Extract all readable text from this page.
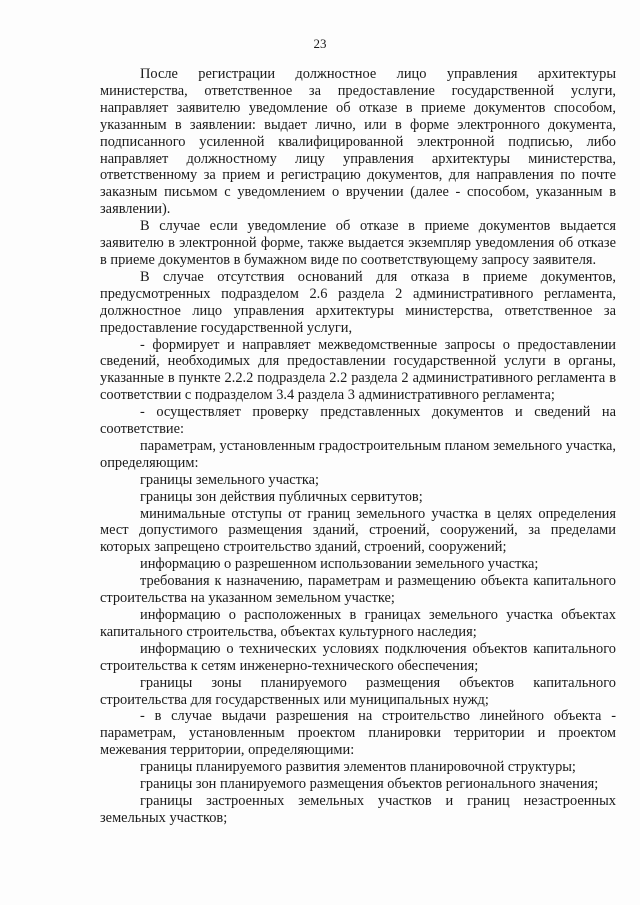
23

После регистрации должностное лицо управления архитектуры министерства, ответственное за предоставление государственной услуги, направляет заявителю уведомление об отказе в приеме документов способом, указанным в заявлении: выдает лично, или в форме электронного документа, подписанного усиленной квалифицированной электронной подписью, либо направляет должностному лицу управления архитектуры министерства, ответственному за прием и регистрацию документов, для направления по почте заказным письмом с уведомлением о вручении (далее - способом, указанным в заявлении).

В случае если уведомление об отказе в приеме документов выдается заявителю в электронной форме, также выдается экземпляр уведомления об отказе в приеме документов в бумажном виде по соответствующему запросу заявителя.

В случае отсутствия оснований для отказа в приеме документов, предусмотренных подразделом 2.6 раздела 2 административного регламента, должностное лицо управления архитектуры министерства, ответственное за предоставление государственной услуги,

- формирует и направляет межведомственные запросы о предоставлении сведений, необходимых для предоставлении государственной услуги в органы, указанные в пункте 2.2.2 подраздела 2.2 раздела 2 административного регламента в соответствии с подразделом 3.4 раздела 3 административного регламента;

- осуществляет проверку представленных документов и сведений на соответствие:

параметрам, установленным градостроительным планом земельного участка, определяющим:

границы земельного участка;

границы зон действия публичных сервитутов;

минимальные отступы от границ земельного участка в целях определения мест допустимого размещения зданий, строений, сооружений, за пределами которых запрещено строительство зданий, строений, сооружений;

информацию о разрешенном использовании земельного участка;

требования к назначению, параметрам и размещению объекта капитального строительства на указанном земельном участке;

информацию о расположенных в границах земельного участка объектах капитального строительства, объектах культурного наследия;

информацию о технических условиях подключения объектов капитального строительства к сетям инженерно-технического обеспечения;

границы зоны планируемого размещения объектов капитального строительства для государственных или муниципальных нужд;

- в случае выдачи разрешения на строительство линейного объекта - параметрам, установленным проектом планировки территории и проектом межевания территории, определяющими:

границы планируемого развития элементов планировочной структуры;

границы зон планируемого размещения объектов регионального значения;

границы застроенных земельных участков и границ незастроенных земельных участков;
